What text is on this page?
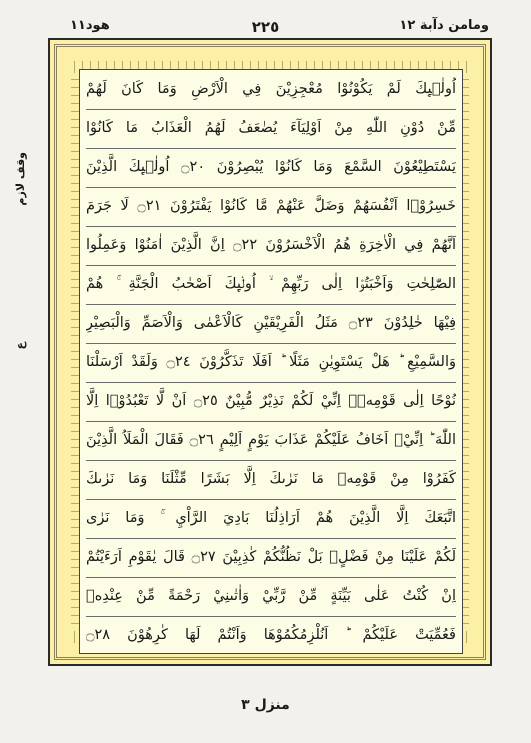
هود١١	٢٢٥	ومامن دآبة ١٢
اُولٰۤىِٕكَ لَمْ يَكُوْنُوْا مُعْجِزِيْنَ فِي الْاَرْضِ وَمَا كَانَ لَهُمْ
مِّنْ دُوْنِ اللّٰهِ مِنْ اَوْلِيَآءَ يُضٰعَفُ لَهُمُ الْعَذَابُ مَا كَانُوْا
يَسْتَطِيْعُوْنَ السَّمْعَ وَمَا كَانُوْا يُبْصِرُوْنَ ۝٢٠ اُولٰۤىِٕكَ الَّذِيْنَ
خَسِرُوْۤا اَنْفُسَهُمْ وَضَلَّ عَنْهُمْ مَّا كَانُوْا يَفْتَرُوْنَ ۝٢١ لَا جَرَمَ
اَنَّهُمْ فِي الْاٰخِرَةِ هُمُ الْاَخْسَرُوْنَ ۝٢٢ اِنَّ الَّذِيْنَ اٰمَنُوْا وَعَمِلُوا
الصّٰلِحٰتِ وَاَخْبَتُوْۤا اِلٰى رَبِّهِمْ ۙ اُولٰۤىِٕكَ اَصْحٰبُ الْجَنَّةِ ۚ هُمْ
فِيْهَا خٰلِدُوْنَ ۝٢٣ مَثَلُ الْفَرِيْقَيْنِ كَالْاَعْمٰى وَالْاَصَمِّ وَالْبَصِيْرِ
وَالسَّمِيْعِ ؕ هَلْ يَسْتَوِيٰنِ مَثَلًا ؕ اَفَلَا تَذَكَّرُوْنَ ۝٢٤ وَلَقَدْ اَرْسَلْنَا
نُوْحًا اِلٰى قَوْمِهٖۤ اِنِّيْ لَكُمْ نَذِيْرٌ مُّبِيْنٌ ۝٢٥ اَنْ لَّا تَعْبُدُوْۤا اِلَّا
اللّٰهَ ؕ اِنِّيْۤ اَخَافُ عَلَيْكُمْ عَذَابَ يَوْمٍ اَلِيْمٍ ۝٢٦ فَقَالَ الْمَلَاُ الَّذِيْنَ
كَفَرُوْا مِنْ قَوْمِهٖ مَا نَرٰىكَ اِلَّا بَشَرًا مِّثْلَنَا وَمَا نَرٰىكَ
اتَّبَعَكَ اِلَّا الَّذِيْنَ هُمْ اَرَاذِلُنَا بَادِيَ الرَّاْيِ ۚ وَمَا نَرٰى
لَكُمْ عَلَيْنَا مِنْ فَضْلٍۭ بَلْ نَظُنُّكُمْ كٰذِبِيْنَ ۝٢٧ قَالَ يٰقَوْمِ اَرَءَيْتُمْ
اِنْ كُنْتُ عَلٰى بَيِّنَةٍ مِّنْ رَّبِّيْ وَاٰتٰىنِيْ رَحْمَةً مِّنْ عِنْدِهٖ
فَعُمِّيَتْ عَلَيْكُمْ ؕ اَنُلْزِمُكُمُوْهَا وَاَنْتُمْ لَهَا كٰرِهُوْنَ ۝٢٨
وقف لازم
ع
منزل ٣
